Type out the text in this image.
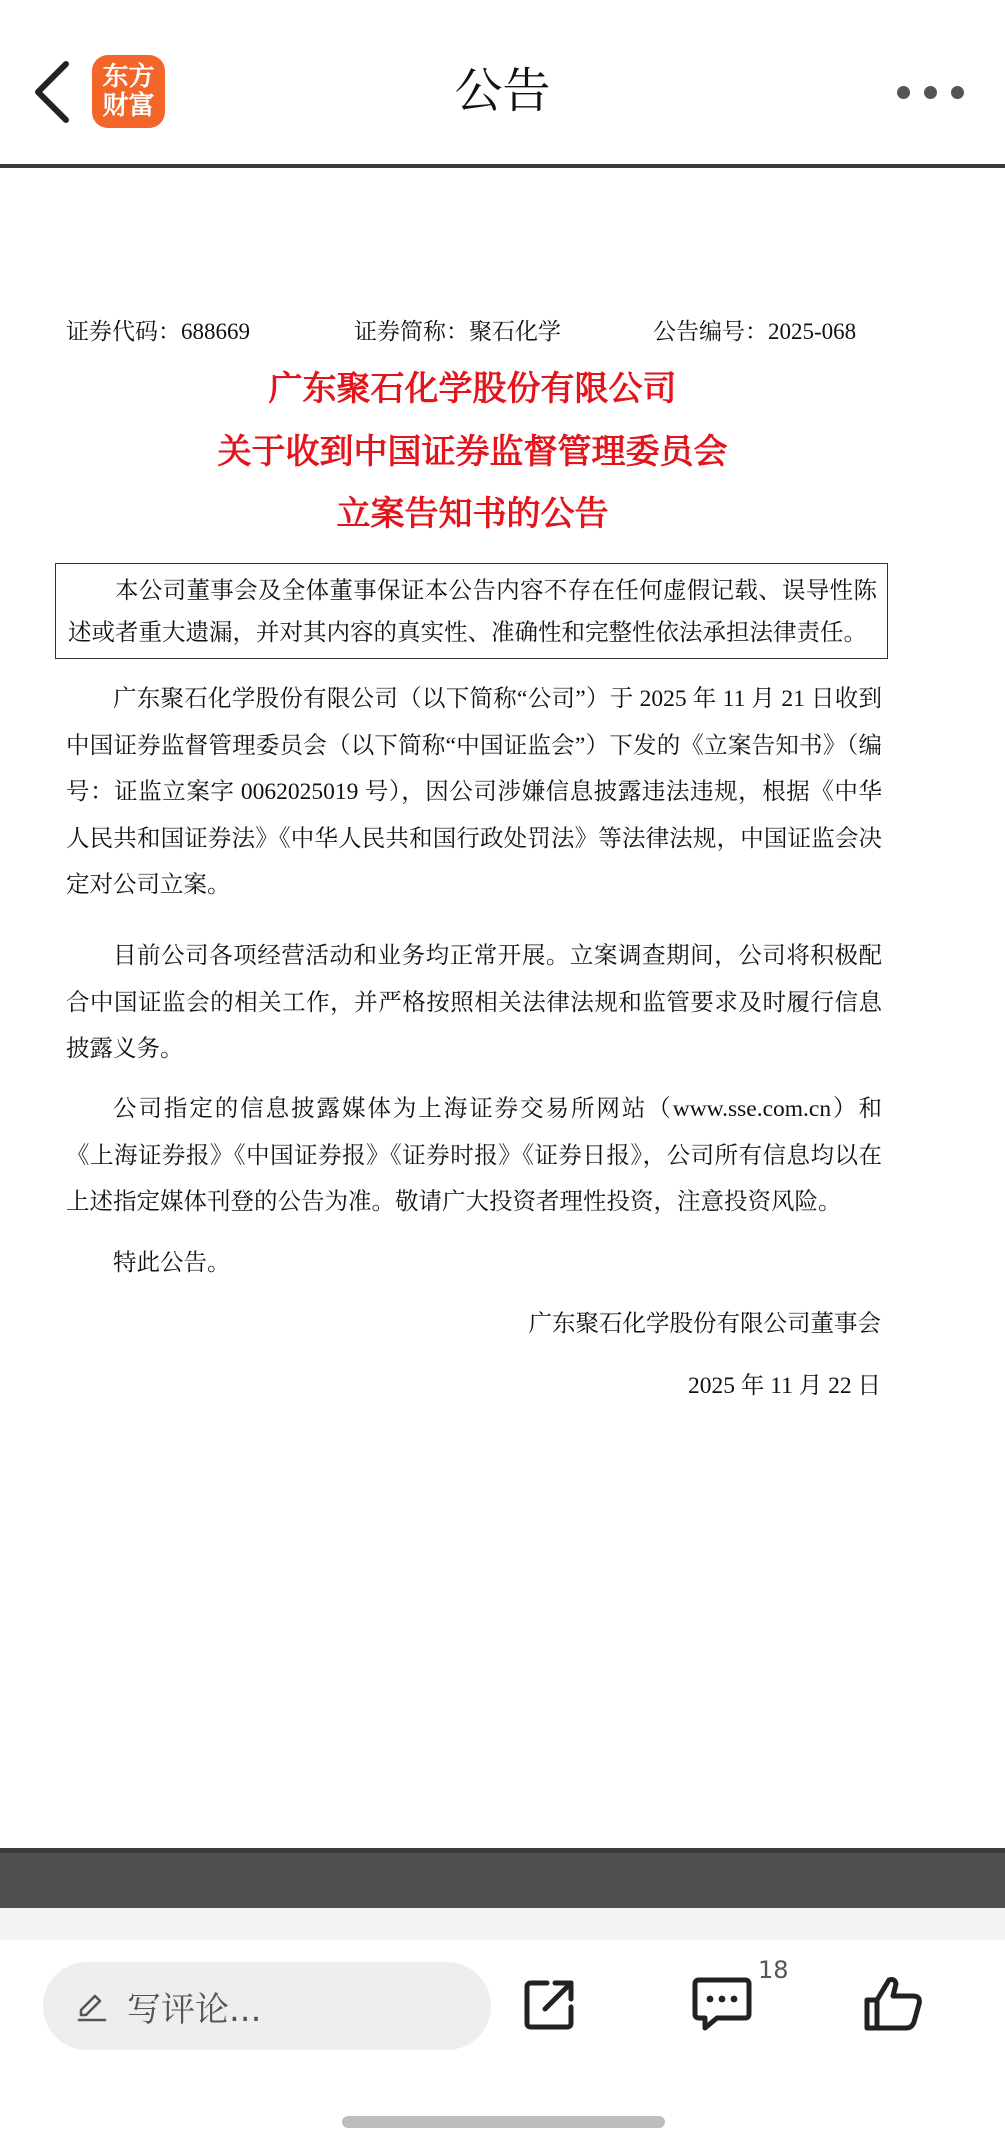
东方
财富	公告
证券代码：688669	证券简称：聚石化学	公告编号：2025-068
广东聚石化学股份有限公司
关于收到中国证券监督管理委员会
立案告知书的公告
本公司董事会及全体董事保证本公告内容不存在任何虚假记载、误导性陈述或者重大遗漏，并对其内容的真实性、准确性和完整性依法承担法律责任。
广东聚石化学股份有限公司（以下简称“公司”）于 2025 年 11 月 21 日收到中国证券监督管理委员会（以下简称“中国证监会”）下发的《立案告知书》（编号：证监立案字 0062025019 号），因公司涉嫌信息披露违法违规，根据《中华人民共和国证券法》《中华人民共和国行政处罚法》等法律法规，中国证监会决定对公司立案。
目前公司各项经营活动和业务均正常开展。立案调查期间，公司将积极配合中国证监会的相关工作，并严格按照相关法律法规和监管要求及时履行信息披露义务。
公司指定的信息披露媒体为上海证券交易所网站（www.sse.com.cn）和《上海证券报》《中国证券报》《证券时报》《证券日报》，公司所有信息均以在上述指定媒体刊登的公告为准。敬请广大投资者理性投资，注意投资风险。
特此公告。
广东聚石化学股份有限公司董事会
2025 年 11 月 22 日
写评论...
18
